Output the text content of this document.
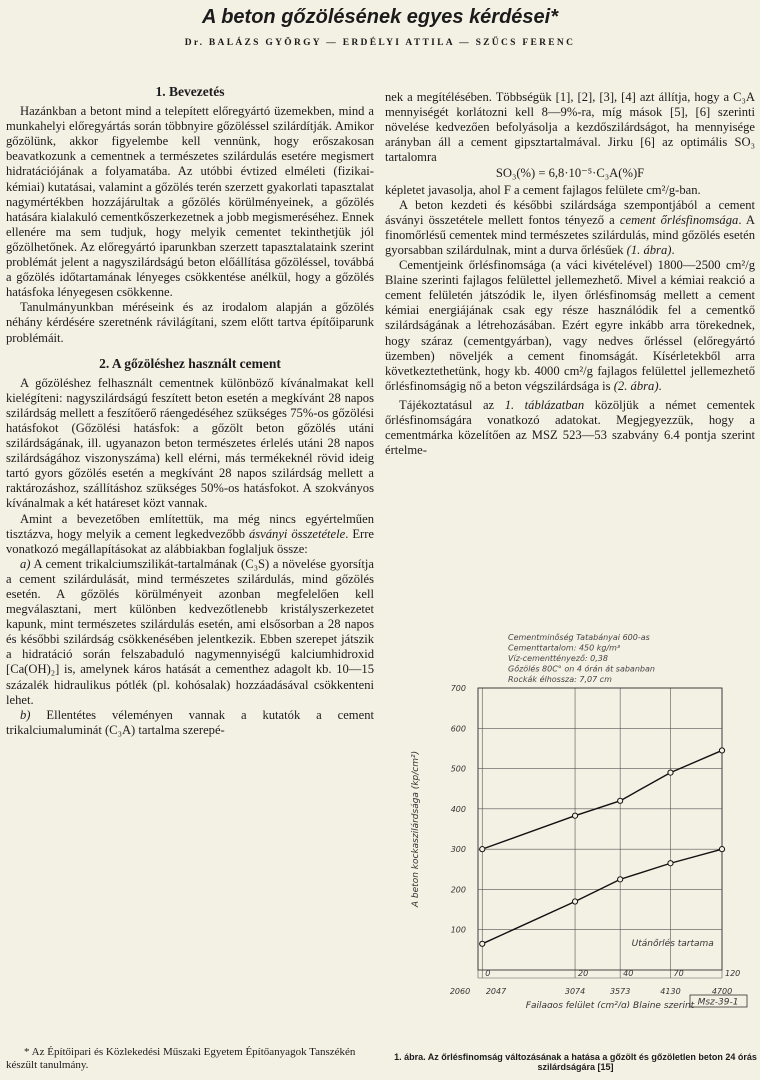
A beton gőzölésének egyes kérdései*
Dr. BALÁZS GYÖRGY — ERDÉLYI ATTILA — SZŰCS FERENC
1. Bevezetés

Hazánkban a betont mind a telepített előregyártó üzemekben, mind a munkahelyi előregyártás során többnyire gőzöléssel szilárdítják. Amikor gőzölünk, akkor figyelembe kell vennünk, hogy erőszakosan beavatkozunk a cementnek a természetes szilárdulás esetére megismert hidratációjának a folyamatába. Az utóbbi évtized elméleti (fizikai-kémiai) kutatásai, valamint a gőzölés terén szerzett gyakorlati tapasztalat nagymértékben hozzájárultak a gőzölés körülményeinek, a gőzölés hatására kialakuló cementkőszerkezetnek a jobb megismeréséhez. Ennek ellenére ma sem tudjuk, hogy melyik cementet tekinthetjük jól gőzölhetőnek. Az előregyártó iparunkban szerzett tapasztalataink szerint problémát jelent a nagyszilárdságú beton előállítása gőzöléssel, továbbá a gőzölés időtartamának lényeges csökkentése anélkül, hogy a gőzölés hatásfoka lényegesen csökkenne.

Tanulmányunkban méréseink és az irodalom alapján a gőzölés néhány kérdésére szeretnénk rávilágítani, szem előtt tartva építőiparunk problémáit.

2. A gőzöléshez használt cement

A gőzöléshez felhasznált cementnek különböző kívánalmakat kell kielégíteni: nagyszilárdságú feszített beton esetén a megkívánt 28 napos szilárdság mellett a feszítőerő ráengedéséhez szükséges 75%-os gőzölési hatásfokot (Gőzölési hatásfok: a gőzölt beton gőzölés utáni szilárdságának, ill. ugyanazon beton természetes érlelés utáni 28 napos szilárdságához viszonyszáma) kell elérni, más termékeknél rövid ideig tartó gyors gőzölés esetén a megkívánt 28 napos szilárdság mellett a raktározáshoz, szállításhoz szükséges 50%-os hatásfokot. A szokványos kívánalmak a két határeset közt vannak.

Amint a bevezetőben említettük, ma még nincs egyértelműen tisztázva, hogy melyik a cement legkedvezőbb ásványi összetétele. Erre vonatkozó megállapításokat az alábbiakban foglaljuk össze:

a) A cement trikalciumszilikát-tartalmának (C₃S) a növelése gyorsítja a cement szilárdulását, mind természetes szilárdulás, mind gőzölés esetén. A gőzölés körülményeit azonban megfelelően kell megválasztani, mert különben kedvezőtlenebb kristályszerkezetet kapunk, mint természetes szilárdulás esetén, ami elsősorban a 28 napos és későbbi szilárdság csökkenésében jelentkezik. Ebben szerepet játszik a hidratáció során felszabaduló nagymennyiségű kalciumhidroxid [Ca(OH)₂] is, amelynek káros hatását a cementhez adagolt kb. 10—15 százalék hidraulikus pótlék (pl. kohósalak) hozzáadásával csökkenteni lehet.

b) Ellentétes véleményen vannak a kutatók a cement trikalciumaluminát (C₃A) tartalma szerepé-

nek a megítélésében. Többségük [1], [2], [3], [4] azt állítja, hogy a C₃A mennyiségét korlátozni kell 8—9%-ra, míg mások [5], [6] szerinti növelése kedvezően befolyásolja a kezdőszilárdságot, ha mennyisége arányban áll a cement gipsztartalmával. Jirku [6] az optimális SO₃ tartalomra

SO₃(%) = 6,8·10⁻⁵·C₃A(%)F

képletet javasolja, ahol F a cement fajlagos felülete cm²/g-ban.

A beton kezdeti és későbbi szilárdsága szempontjából a cement ásványi összetétele mellett fontos tényező a cement őrlésfinomsága. A finomőrlésű cementek mind természetes szilárdulás, mind gőzölés esetén gyorsabban szilárdulnak, mint a durva őrlésűek (1. ábra).

Cementjeink őrlésfinomsága (a váci kivételével) 1800—2500 cm²/g Blaine szerinti fajlagos felülettel jellemezhető. Mivel a kémiai reakció a cement felületén játszódik le, ilyen őrlésfinomság mellett a cement kémiai energiájának csak egy része használódik fel a cementkő szilárdságának a létrehozásában. Ezért egyre inkább arra törekednek, hogy száraz (cementgyárban), vagy nedves őrléssel (előregyártó üzemben) növeljék a cement finomságát. Kísérletekből arra következtethetünk, hogy kb. 4000 cm²/g fajlagos felülettel jellemezhető őrlésfinomságig nő a beton végszilárdsága is (2. ábra).

Tájékoztatásul az 1. táblázatban közöljük a német cementek őrlésfinomságára vonatkozó adatokat. Megjegyezzük, hogy a cementmárka közelítően az MSZ 523—53 szabvány 6.4 pontja szerint értelme-

Cementminőség Tatabányai 600-as
Cementtartalom: 450 kg/m³
Víz-cementtényező: 0,38
Gőzölés 80C° on 4 órán át sabanban
Rockák élhossza: 7,07 cm
700
600
500
400
300
200
100
2060 2047	3074	3573	4130	4700
0	20	40	70	120
A beton kockaszilárdsága (kp/cm²)
Fajlagos felület (cm²/g) Blaine szerint
Utánőrlés tartama
Msz-39-1
1. ábra. Az őrlésfinomság változásának a hatása a gőzölt és gőzöletlen beton 24 órás szilárdságára [15]
* Az Építőipari és Közlekedési Műszaki Egyetem Építőanyagok Tanszékén készült tanulmány.
